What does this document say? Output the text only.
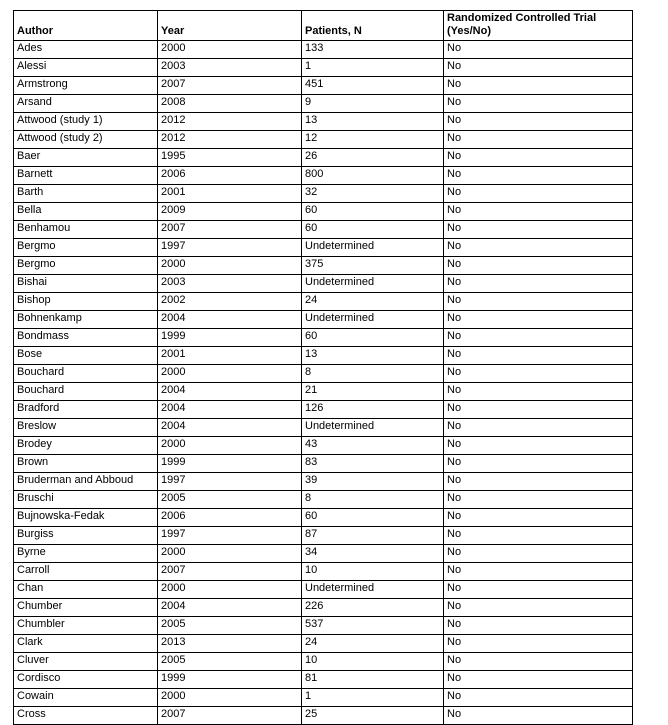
Author	Year	Patients, N	Randomized Controlled Trial (Yes/No)
Ades	2000	133	No
Alessi	2003	1	No
Armstrong	2007	451	No
Arsand	2008	9	No
Attwood (study 1)	2012	13	No
Attwood (study 2)	2012	12	No
Baer	1995	26	No
Barnett	2006	800	No
Barth	2001	32	No
Bella	2009	60	No
Benhamou	2007	60	No
Bergmo	1997	Undetermined	No
Bergmo	2000	375	No
Bishai	2003	Undetermined	No
Bishop	2002	24	No
Bohnenkamp	2004	Undetermined	No
Bondmass	1999	60	No
Bose	2001	13	No
Bouchard	2000	8	No
Bouchard	2004	21	No
Bradford	2004	126	No
Breslow	2004	Undetermined	No
Brodey	2000	43	No
Brown	1999	83	No
Bruderman and Abboud	1997	39	No
Bruschi	2005	8	No
Bujnowska-Fedak	2006	60	No
Burgiss	1997	87	No
Byrne	2000	34	No
Carroll	2007	10	No
Chan	2000	Undetermined	No
Chumber	2004	226	No
Chumbler	2005	537	No
Clark	2013	24	No
Cluver	2005	10	No
Cordisco	1999	81	No
Cowain	2000	1	No
Cross	2007	25	No
